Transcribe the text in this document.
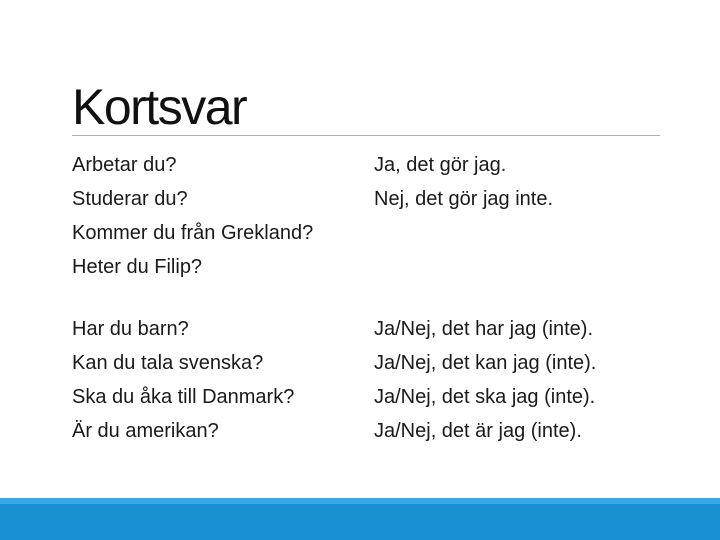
Kortsvar
Arbetar du?
Studerar du?
Kommer du från Grekland?
Heter du Filip?
Ja, det gör jag.
Nej, det gör jag inte.
Har du barn?
Kan du tala svenska?
Ska du åka till Danmark?
Är du amerikan?
Ja/Nej, det har jag (inte).
Ja/Nej, det kan jag (inte).
Ja/Nej, det ska jag (inte).
Ja/Nej, det är jag (inte).
